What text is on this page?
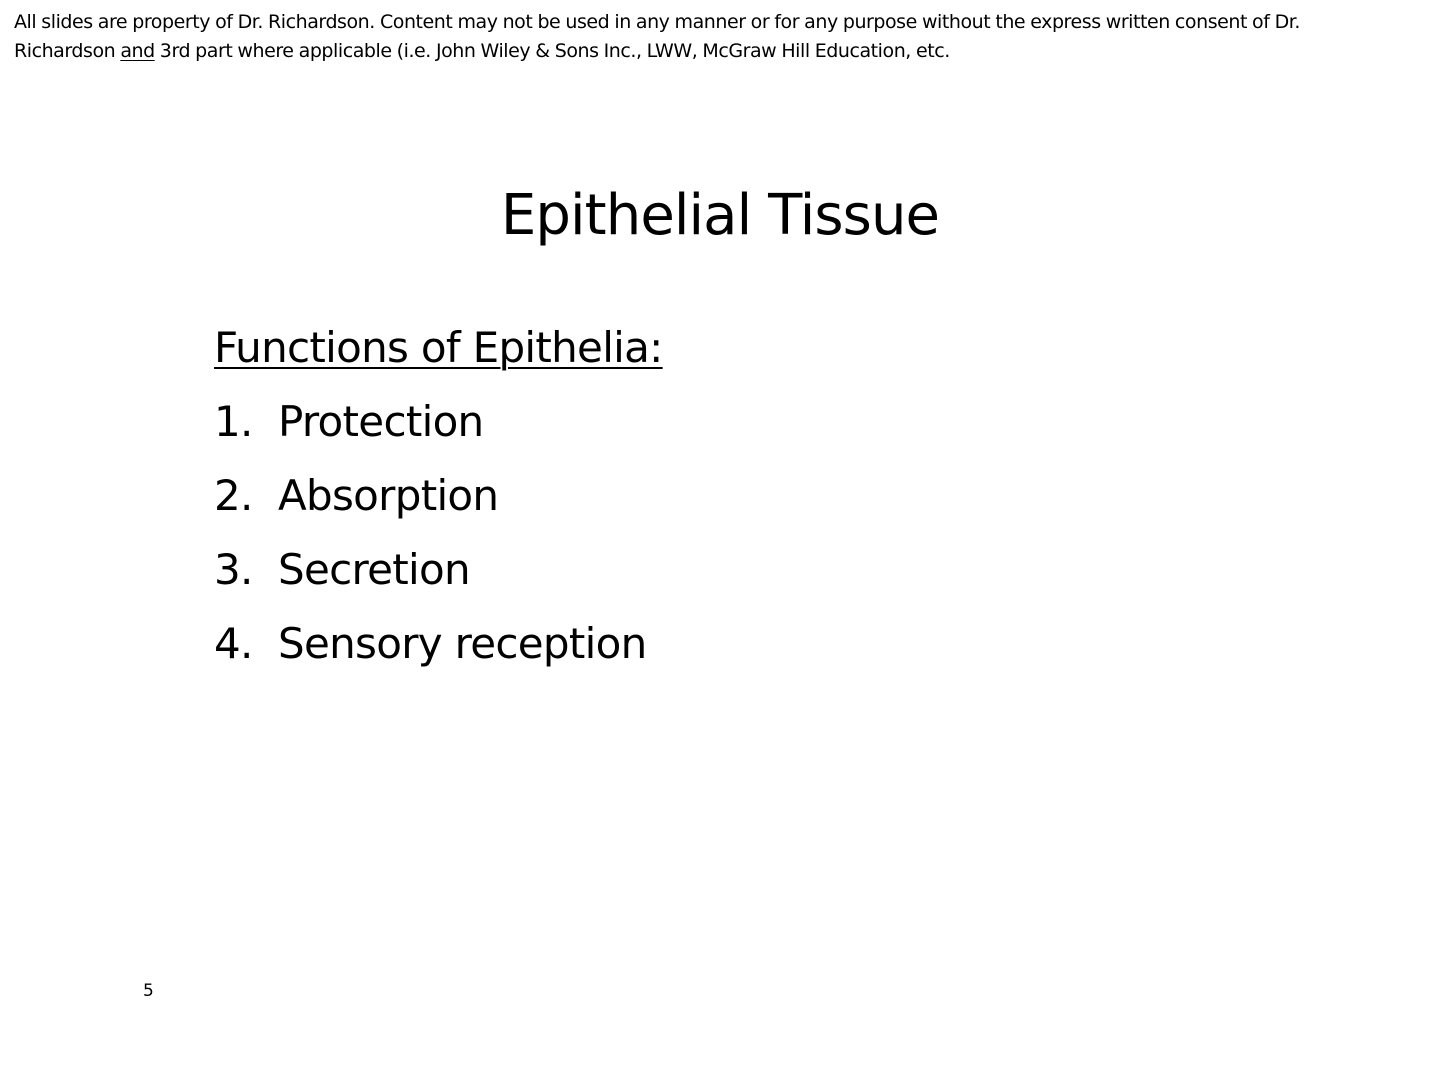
All slides are property of Dr. Richardson. Content may not be used in any manner or for any purpose without the express written consent of Dr.
Richardson and 3rd part where applicable (i.e. John Wiley & Sons Inc., LWW, McGraw Hill Education, etc.
Epithelial Tissue
Functions of Epithelia:
1. Protection
2. Absorption
3. Secretion
4. Sensory reception
5
